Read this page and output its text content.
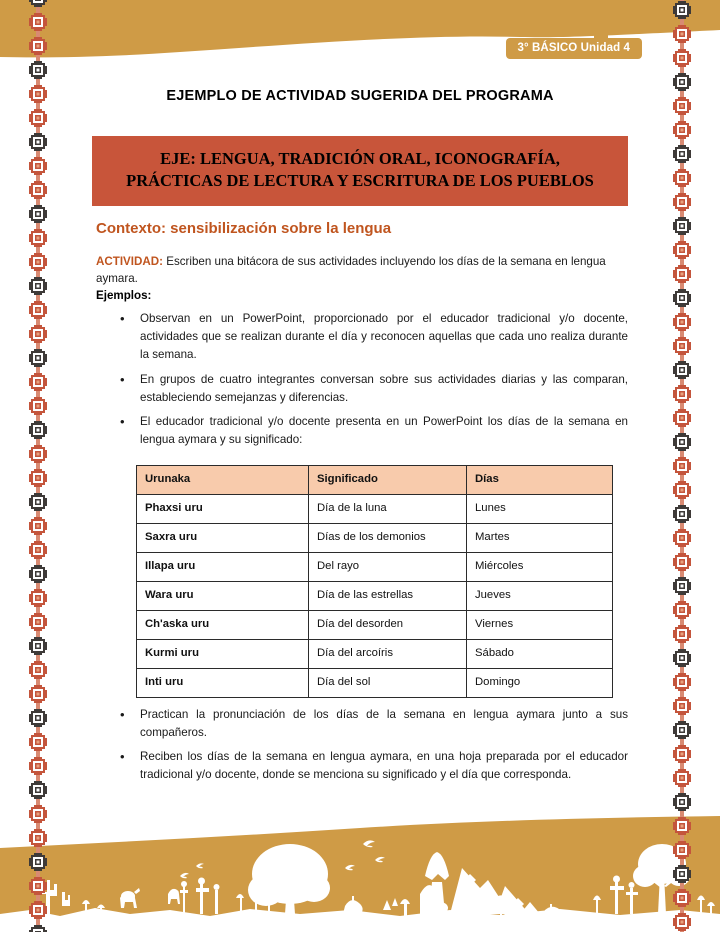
3° BÁSICO Unidad 4
EJEMPLO DE ACTIVIDAD SUGERIDA DEL PROGRAMA
EJE: LENGUA, TRADICIÓN ORAL, ICONOGRAFÍA,
PRÁCTICAS DE LECTURA Y ESCRITURA DE LOS PUEBLOS
Contexto: sensibilización sobre la lengua
ACTIVIDAD: Escriben una bitácora de sus actividades incluyendo los días de la semana en lengua aymara.
Ejemplos:
• Observan en un PowerPoint, proporcionado por el educador tradicional y/o docente, actividades que se realizan durante el día y reconocen aquellas que cada uno realiza durante la semana.
• En grupos de cuatro integrantes conversan sobre sus actividades diarias y las comparan, estableciendo semejanzas y diferencias.
• El educador tradicional y/o docente presenta en un PowerPoint los días de la semana en lengua aymara y su significado:
Urunaka	Significado	Días
Phaxsi uru	Día de la luna	Lunes
Saxra uru	Días de los demonios	Martes
Illapa uru	Del rayo	Miércoles
Wara uru	Día de las estrellas	Jueves
Ch'aska uru	Día del desorden	Viernes
Kurmi uru	Día del arcoíris	Sábado
Inti uru	Día del sol	Domingo
• Practican la pronunciación de los días de la semana en lengua aymara junto a sus compañeros.
• Reciben los días de la semana en lengua aymara, en una hoja preparada por el educador tradicional y/o docente, donde se menciona su significado y el día que corresponda.
